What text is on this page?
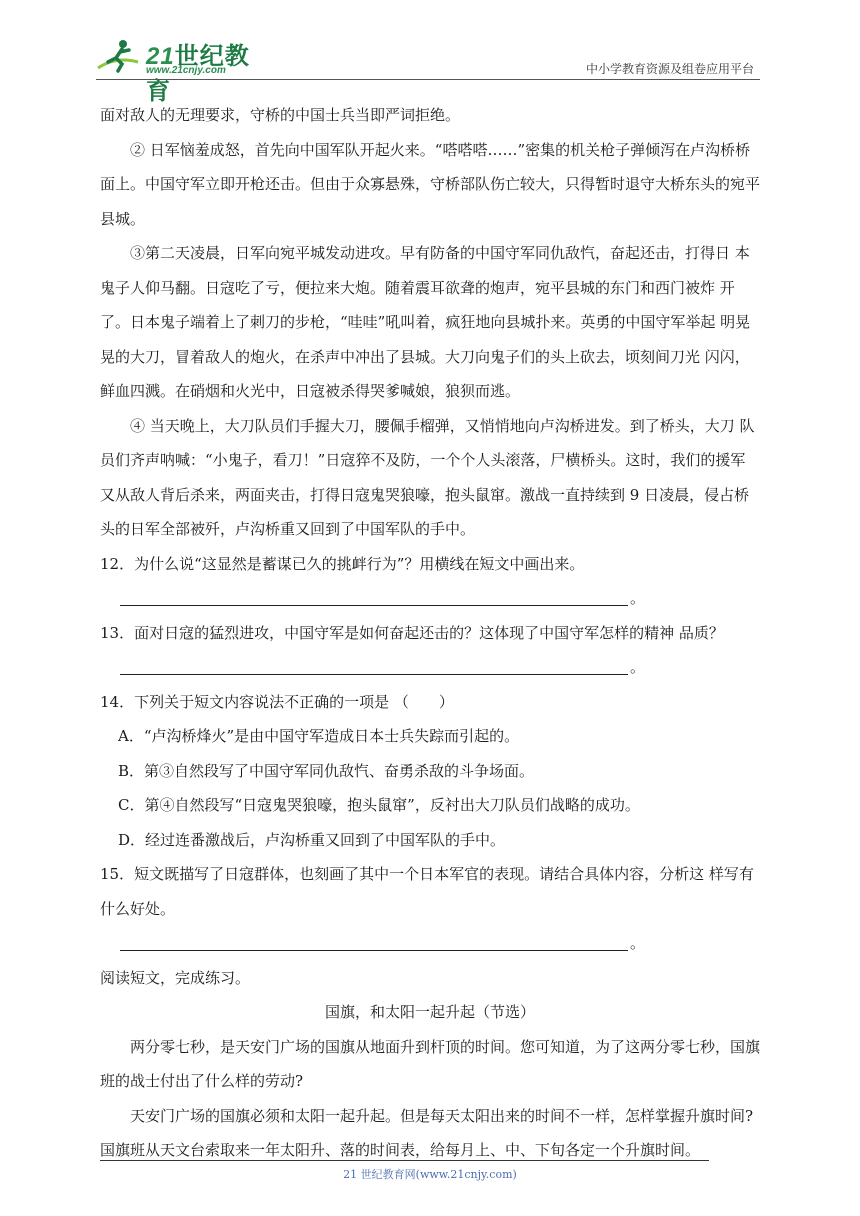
21世纪教育
www.21cnjy.com	中小学教育资源及组卷应用平台

面对敌人的无理要求，守桥的中国士兵当即严词拒绝。

② 日军恼羞成怒，首先向中国军队开起火来。“嗒嗒嗒……”密集的机关枪子弹倾泻在卢沟桥桥面上。中国守军立即开枪还击。但由于众寡悬殊，守桥部队伤亡较大，只得暂时退守大桥东头的宛平县城。

③第二天凌晨，日军向宛平城发动进攻。早有防备的中国守军同仇敌忾，奋起还击，打得日 本鬼子人仰马翻。日寇吃了亏，便拉来大炮。随着震耳欲聋的炮声，宛平县城的东门和西门被炸 开了。日本鬼子端着上了刺刀的步枪，“哇哇”吼叫着，疯狂地向县城扑来。英勇的中国守军举起 明晃晃的大刀，冒着敌人的炮火，在杀声中冲出了县城。大刀向鬼子们的头上砍去，顷刻间刀光 闪闪，鲜血四溅。在硝烟和火光中，日寇被杀得哭爹喊娘，狼狈而逃。

④ 当天晚上，大刀队员们手握大刀，腰佩手榴弹，又悄悄地向卢沟桥进发。到了桥头，大刀 队员们齐声呐喊：“小鬼子，看刀！”日寇猝不及防，一个个人头滚落，尸横桥头。这时，我们的援军 又从敌人背后杀来，两面夹击，打得日寇鬼哭狼嚎，抱头鼠窜。激战一直持续到 9 日凌晨，侵占桥 头的日军全部被歼，卢沟桥重又回到了中国军队的手中。

12．为什么说“这显然是蓄谋已久的挑衅行为”？用横线在短文中画出来。

。

13．面对日寇的猛烈进攻，中国守军是如何奋起还击的？这体现了中国守军怎样的精神 品质？

。

14．下列关于短文内容说法不正确的一项是 （　　）

A．“卢沟桥烽火”是由中国守军造成日本士兵失踪而引起的。

B．第③自然段写了中国守军同仇敌忾、奋勇杀敌的斗争场面。

C．第④自然段写“日寇鬼哭狼嚎，抱头鼠窜”，反衬出大刀队员们战略的成功。

D．经过连番激战后，卢沟桥重又回到了中国军队的手中。

15．短文既描写了日寇群体，也刻画了其中一个日本军官的表现。请结合具体内容，分析这 样写有什么好处。

。

阅读短文，完成练习。

国旗，和太阳一起升起（节选）

两分零七秒，是天安门广场的国旗从地面升到杆顶的时间。您可知道，为了这两分零七秒，国旗班的战士付出了什么样的劳动?

天安门广场的国旗必须和太阳一起升起。但是每天太阳出来的时间不一样，怎样掌握升旗时间?国旗班从天文台索取来一年太阳升、落的时间表，给每月上、中、下旬各定一个升旗时间。

21 世纪教育网(www.21cnjy.com)
